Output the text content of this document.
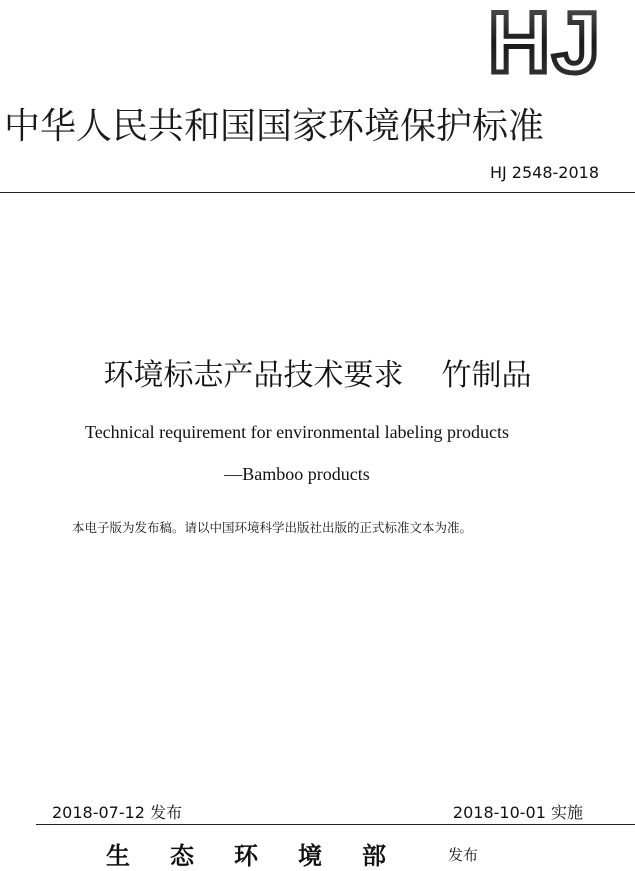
HJ
中华人民共和国国家环境保护标准
HJ 2548-2018
环境标志产品技术要求 竹制品
Technical requirement for environmental labeling products
—Bamboo products
本电子版为发布稿。请以中国环境科学出版社出版的正式标准文本为准。
2018-07-12 发布	2018-10-01 实施
生态环境部 发布
